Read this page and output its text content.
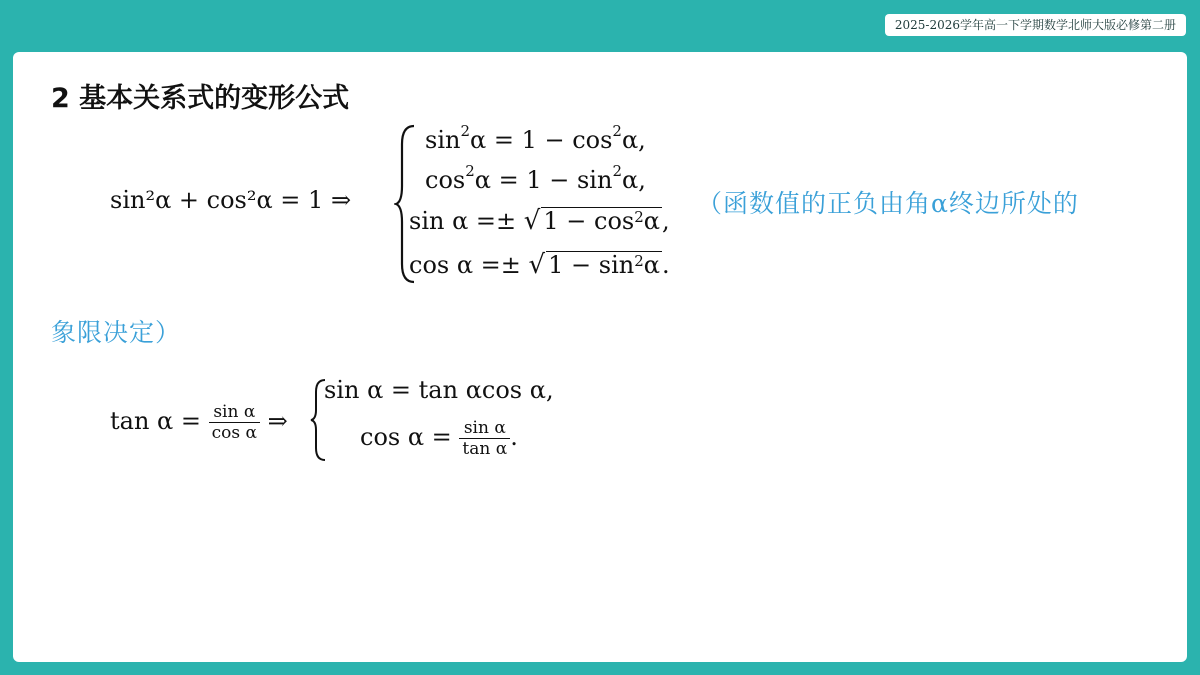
2025-2026学年高一下学期数学北师大版必修第二册
2 基本关系式的变形公式
sin²α + cos²α = 1 ⇒
$\sin^2\alpha = 1 - \cos^2\alpha$,
$\cos^2\alpha = 1 - \sin^2\alpha$,
sin α =± √ $1 - \cos^2\alpha$,
cos α =± √ $1 - \sin^2\alpha$.
（函数值的正负由角α终边所处的
象限决定）
$\tan \alpha = \frac{\text{sin α}}{\text{cos α}}$ ⇒
sin α = tan αcos α,
$\cos \alpha = \frac{\text{sin α}}{\text{tan α}}$ .
